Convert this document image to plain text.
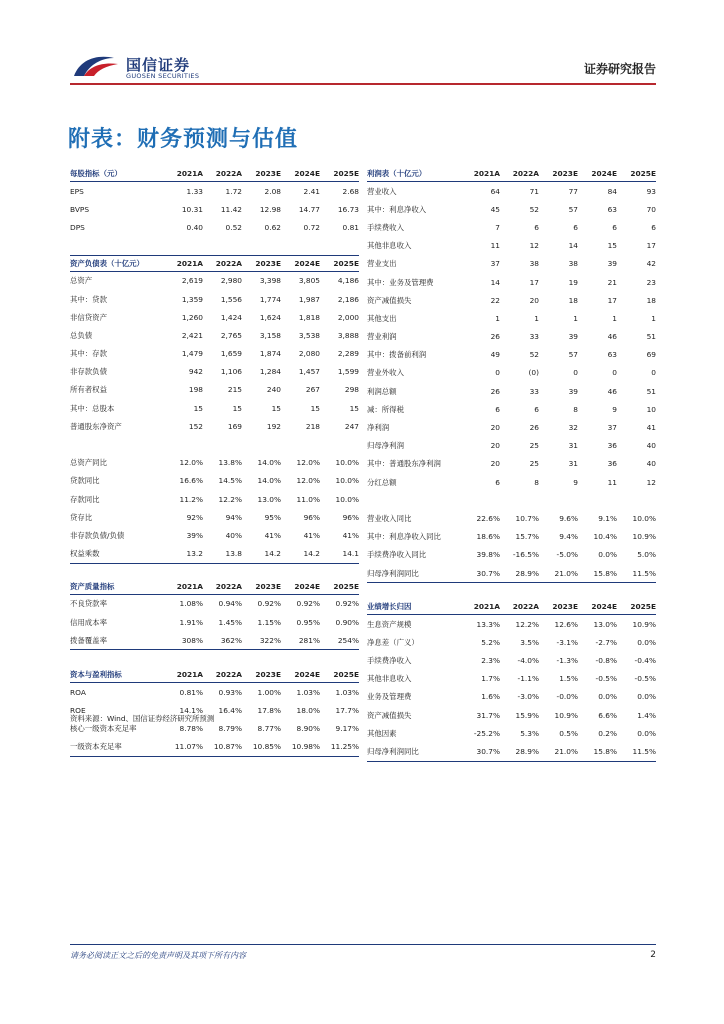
国信证券
GUOSEN SECURITIES	证券研究报告
附表：财务预测与估值
每股指标（元）	2021A	2022A	2023E	2024E	2025E
EPS	1.33	1.72	2.08	2.41	2.68
BVPS	10.31	11.42	12.98	14.77	16.73
DPS	0.40	0.52	0.62	0.72	0.81

资产负债表（十亿元）	2021A	2022A	2023E	2024E	2025E
总资产	2,619	2,980	3,398	3,805	4,186
其中：贷款	1,359	1,556	1,774	1,987	2,186
非信贷资产	1,260	1,424	1,624	1,818	2,000
总负债	2,421	2,765	3,158	3,538	3,888
其中：存款	1,479	1,659	1,874	2,080	2,289
非存款负债	942	1,106	1,284	1,457	1,599
所有者权益	198	215	240	267	298
其中：总股本	15	15	15	15	15
普通股东净资产	152	169	192	218	247

总资产同比	12.0%	13.8%	14.0%	12.0%	10.0%
贷款同比	16.6%	14.5%	14.0%	12.0%	10.0%
存款同比	11.2%	12.2%	13.0%	11.0%	10.0%
贷存比	92%	94%	95%	96%	96%
非存款负债/负债	39%	40%	41%	41%	41%
权益乘数	13.2	13.8	14.2	14.2	14.1
资产质量指标	2021A	2022A	2023E	2024E	2025E
不良贷款率	1.08%	0.94%	0.92%	0.92%	0.92%
信用成本率	1.91%	1.45%	1.15%	0.95%	0.90%
拨备覆盖率	308%	362%	322%	281%	254%
资本与盈利指标	2021A	2022A	2023E	2024E	2025E
ROA	0.81%	0.93%	1.00%	1.03%	1.03%
ROE	14.1%	16.4%	17.8%	18.0%	17.7%
核心一级资本充足率	8.78%	8.79%	8.77%	8.90%	9.17%
一级资本充足率	11.07%	10.87%	10.85%	10.98%	11.25%
利润表（十亿元）	2021A	2022A	2023E	2024E	2025E
营业收入	64	71	77	84	93
其中：利息净收入	45	52	57	63	70
手续费收入	7	6	6	6	6
其他非息收入	11	12	14	15	17
营业支出	37	38	38	39	42
其中：业务及管理费	14	17	19	21	23
资产减值损失	22	20	18	17	18
其他支出	1	1	1	1	1
营业利润	26	33	39	46	51
其中：拨备前利润	49	52	57	63	69
营业外收入	0	(0)	0	0	0
利润总额	26	33	39	46	51
减：所得税	6	6	8	9	10
净利润	20	26	32	37	41
归母净利润	20	25	31	36	40
其中：普通股东净利润	20	25	31	36	40
分红总额	6	8	9	11	12

营业收入同比	22.6%	10.7%	9.6%	9.1%	10.0%
其中：利息净收入同比	18.6%	15.7%	9.4%	10.4%	10.9%
手续费净收入同比	39.8%	-16.5%	-5.0%	0.0%	5.0%
归母净利润同比	30.7%	28.9%	21.0%	15.8%	11.5%
业绩增长归因	2021A	2022A	2023E	2024E	2025E
生息资产规模	13.3%	12.2%	12.6%	13.0%	10.9%
净息差（广义）	5.2%	3.5%	-3.1%	-2.7%	0.0%
手续费净收入	2.3%	-4.0%	-1.3%	-0.8%	-0.4%
其他非息收入	1.7%	-1.1%	1.5%	-0.5%	-0.5%
业务及管理费	1.6%	-3.0%	-0.0%	0.0%	0.0%
资产减值损失	31.7%	15.9%	10.9%	6.6%	1.4%
其他因素	-25.2%	5.3%	0.5%	0.2%	0.0%
归母净利润同比	30.7%	28.9%	21.0%	15.8%	11.5%
资料来源：Wind、国信证券经济研究所预测
请务必阅读正文之后的免责声明及其项下所有内容	2
